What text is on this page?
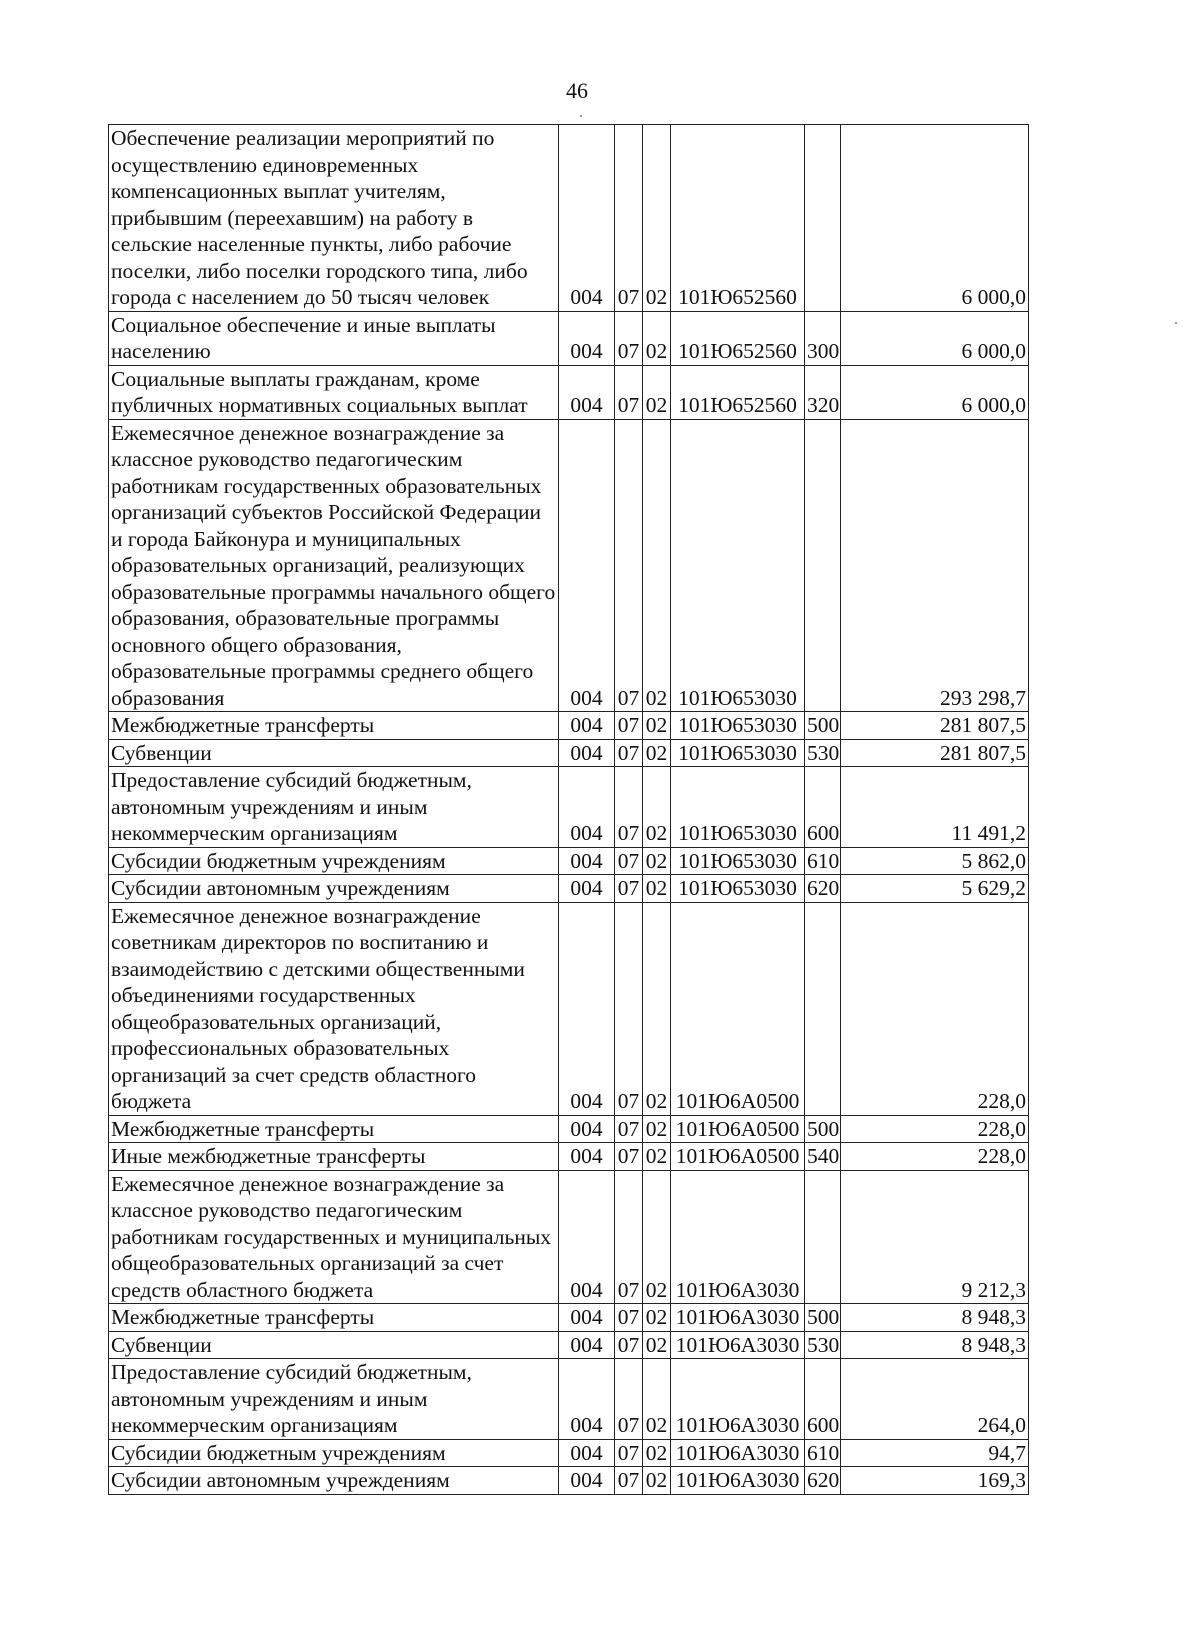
46
Обеспечение реализации мероприятий по осуществлению единовременных компенсационных выплат учителям, прибывшим (переехавшим) на работу в сельские населенные пункты, либо рабочие поселки, либо поселки городского типа, либо города с населением до 50 тысяч человек	004	07	02	101Ю652560		6 000,0
Социальное обеспечение и иные выплаты населению	004	07	02	101Ю652560	300	6 000,0
Социальные выплаты гражданам, кроме публичных нормативных социальных выплат	004	07	02	101Ю652560	320	6 000,0
Ежемесячное денежное вознаграждение за классное руководство педагогическим работникам государственных образовательных организаций субъектов Российской Федерации и города Байконура и муниципальных образовательных организаций, реализующих образовательные программы начального общего образования, образовательные программы основного общего образования, образовательные программы среднего общего образования	004	07	02	101Ю653030		293 298,7
Межбюджетные трансферты	004	07	02	101Ю653030	500	281 807,5
Субвенции	004	07	02	101Ю653030	530	281 807,5
Предоставление субсидий бюджетным, автономным учреждениям и иным некоммерческим организациям	004	07	02	101Ю653030	600	11 491,2
Субсидии бюджетным учреждениям	004	07	02	101Ю653030	610	5 862,0
Субсидии автономным учреждениям	004	07	02	101Ю653030	620	5 629,2
Ежемесячное денежное вознаграждение советникам директоров по воспитанию и взаимодействию с детскими общественными объединениями государственных общеобразовательных организаций, профессиональных образовательных организаций за счет средств областного бюджета	004	07	02	101Ю6А0500		228,0
Межбюджетные трансферты	004	07	02	101Ю6А0500	500	228,0
Иные межбюджетные трансферты	004	07	02	101Ю6А0500	540	228,0
Ежемесячное денежное вознаграждение за классное руководство педагогическим работникам государственных и муниципальных общеобразовательных организаций за счет средств областного бюджета	004	07	02	101Ю6А3030		9 212,3
Межбюджетные трансферты	004	07	02	101Ю6А3030	500	8 948,3
Субвенции	004	07	02	101Ю6А3030	530	8 948,3
Предоставление субсидий бюджетным, автономным учреждениям и иным некоммерческим организациям	004	07	02	101Ю6А3030	600	264,0
Субсидии бюджетным учреждениям	004	07	02	101Ю6А3030	610	94,7
Субсидии автономным учреждениям	004	07	02	101Ю6А3030	620	169,3
